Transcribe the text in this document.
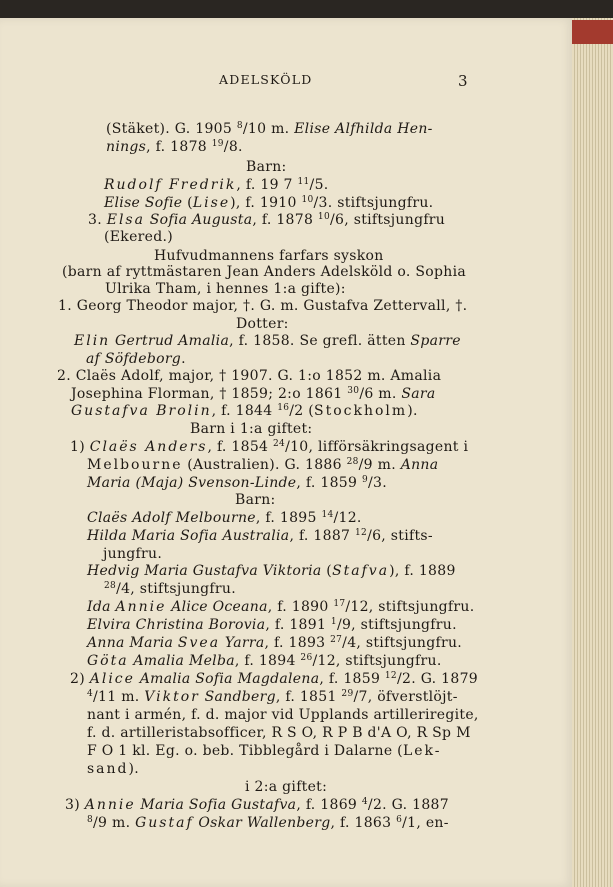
ADELSKÖLD	3
(Stäket). G. 1905 $^8$/10 m. Elise Alfhilda Hen-
nings, f. 1878 $^{19}$/8.
Barn:
Rudolf Fredrik, f. 19 7 $^{11}$/5.
Elise Sofie (Lise), f. 1910 $^{10}$/3. stiftsjungfru.
3. Elsa Sofia Augusta, f. 1878 $^{10}$/6, stiftsjungfru
(Ekered.)
Hufvudmannens farfars syskon
(barn af ryttmästaren Jean Anders Adelsköld o. Sophia
Ulrika Tham, i hennes 1:a gifte):
1. Georg Theodor major, †. G. m. Gustafva Zettervall, †.
Dotter:
Elin Gertrud Amalia, f. 1858. Se grefl. ätten Sparre
af Söfdeborg.
2. Claës Adolf, major, † 1907. G. 1:o 1852 m. Amalia
Josephina Florman, † 1859; 2:o 1861 $^{30}$/6 m. Sara
Gustafva Brolin, f. 1844 $^{16}$/2 (Stockholm).
Barn i 1:a giftet:
1) Claës Anders, f. 1854 $^{24}$/10, lifförsäkringsagent i
Melbourne (Australien). G. 1886 $^{28}$/9 m. Anna
Maria (Maja) Svenson-Linde, f. 1859 $^9$/3.
Barn:
Claës Adolf Melbourne, f. 1895 $^{14}$/12.
Hilda Maria Sofia Australia, f. 1887 $^{12}$/6, stifts-
jungfru.
Hedvig Maria Gustafva Viktoria (Stafva), f. 1889
$^{28}$/4, stiftsjungfru.
Ida Annie Alice Oceana, f. 1890 $^{17}$/12, stiftsjungfru.
Elvira Christina Borovia, f. 1891 $^1$/9, stiftsjungfru.
Anna Maria Svea Yarra, f. 1893 $^{27}$/4, stiftsjungfru.
Göta Amalia Melba, f. 1894 $^{26}$/12, stiftsjungfru.
2) Alice Amalia Sofia Magdalena, f. 1859 $^{12}$/2. G. 1879
$^4$/11 m. Viktor Sandberg, f. 1851 $^{29}$/7, öfverstlöjt-
nant i armén, f. d. major vid Upplands artilleriregite,
f. d. artilleristabsofficer, R S O, R P B d'A O, R Sp M
F O 1 kl. Eg. o. beb. Tibblegård i Dalarne (Lek-
sand).
i 2:a giftet:
3) Annie Maria Sofia Gustafva, f. 1869 $^4$/2. G. 1887
$^8$/9 m. Gustaf Oskar Wallenberg, f. 1863 $^6$/1, en-
